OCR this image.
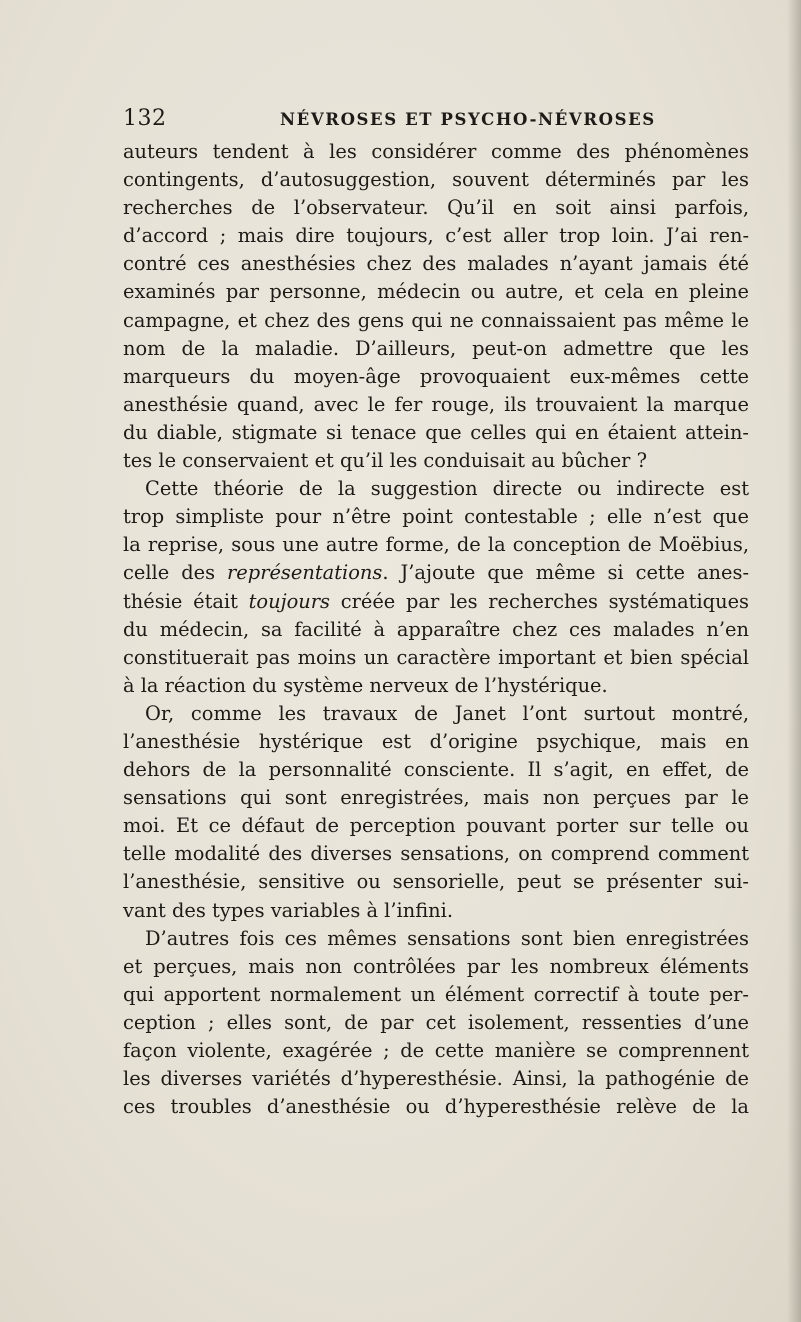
132	NÉVROSES ET PSYCHO-NÉVROSES
auteurs tendent à les considérer comme des phénomènes
contingents, d’autosuggestion, souvent déterminés par les
recherches de l’observateur. Qu’il en soit ainsi parfois,
d’accord ; mais dire toujours, c’est aller trop loin. J’ai ren-
contré ces anesthésies chez des malades n’ayant jamais été
examinés par personne, médecin ou autre, et cela en pleine
campagne, et chez des gens qui ne connaissaient pas même le
nom de la maladie. D’ailleurs, peut-on admettre que les
marqueurs du moyen-âge provoquaient eux-mêmes cette
anesthésie quand, avec le fer rouge, ils trouvaient la marque
du diable, stigmate si tenace que celles qui en étaient attein-
tes le conservaient et qu’il les conduisait au bûcher ?
Cette théorie de la suggestion directe ou indirecte est
trop simpliste pour n’être point contestable ; elle n’est que
la reprise, sous une autre forme, de la conception de Moëbius,
celle des représentations. J’ajoute que même si cette anes-
thésie était toujours créée par les recherches systématiques
du médecin, sa facilité à apparaître chez ces malades n’en
constituerait pas moins un caractère important et bien spécial
à la réaction du système nerveux de l’hystérique.
Or, comme les travaux de Janet l’ont surtout montré,
l’anesthésie hystérique est d’origine psychique, mais en
dehors de la personnalité consciente. Il s’agit, en effet, de
sensations qui sont enregistrées, mais non perçues par le
moi. Et ce défaut de perception pouvant porter sur telle ou
telle modalité des diverses sensations, on comprend comment
l’anesthésie, sensitive ou sensorielle, peut se présenter sui-
vant des types variables à l’infini.
D’autres fois ces mêmes sensations sont bien enregistrées
et perçues, mais non contrôlées par les nombreux éléments
qui apportent normalement un élément correctif à toute per-
ception ; elles sont, de par cet isolement, ressenties d’une
façon violente, exagérée ; de cette manière se comprennent
les diverses variétés d’hyperesthésie. Ainsi, la pathogénie de
ces troubles d’anesthésie ou d’hyperesthésie relève de la
